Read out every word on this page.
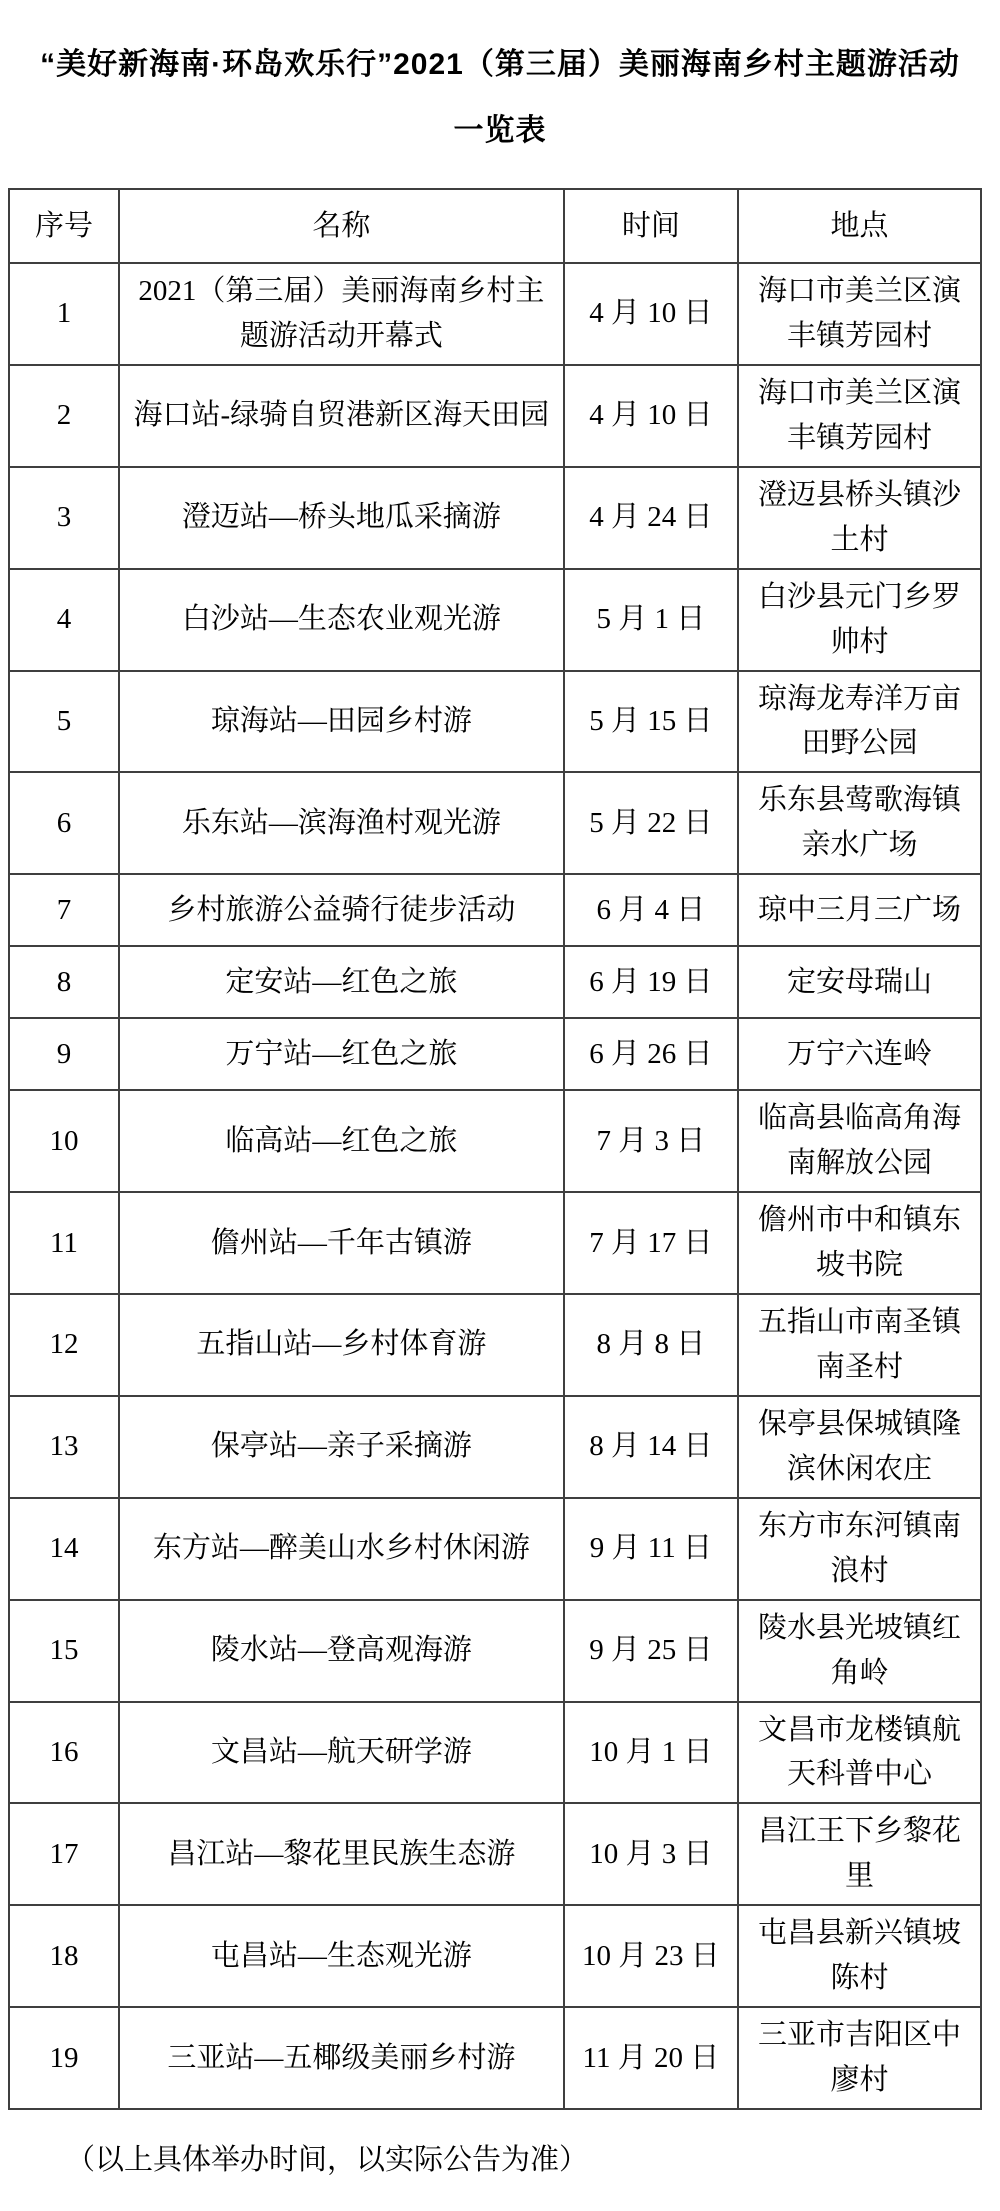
“美好新海南·环岛欢乐行”2021（第三届）美丽海南乡村主题游活动一览表
序号	名称	时间	地点
1	2021（第三届）美丽海南乡村主题游活动开幕式	4 月 10 日	海口市美兰区演丰镇芳园村
2	海口站-绿骑自贸港新区海天田园	4 月 10 日	海口市美兰区演丰镇芳园村
3	澄迈站—桥头地瓜采摘游	4 月 24 日	澄迈县桥头镇沙土村
4	白沙站—生态农业观光游	5 月 1 日	白沙县元门乡罗帅村
5	琼海站—田园乡村游	5 月 15 日	琼海龙寿洋万亩田野公园
6	乐东站—滨海渔村观光游	5 月 22 日	乐东县莺歌海镇亲水广场
7	乡村旅游公益骑行徒步活动	6 月 4 日	琼中三月三广场
8	定安站—红色之旅	6 月 19 日	定安母瑞山
9	万宁站—红色之旅	6 月 26 日	万宁六连岭
10	临高站—红色之旅	7 月 3 日	临高县临高角海南解放公园
11	儋州站—千年古镇游	7 月 17 日	儋州市中和镇东坡书院
12	五指山站—乡村体育游	8 月 8 日	五指山市南圣镇南圣村
13	保亭站—亲子采摘游	8 月 14 日	保亭县保城镇隆滨休闲农庄
14	东方站—醉美山水乡村休闲游	9 月 11 日	东方市东河镇南浪村
15	陵水站—登高观海游	9 月 25 日	陵水县光坡镇红角岭
16	文昌站—航天研学游	10 月 1 日	文昌市龙楼镇航天科普中心
17	昌江站—黎花里民族生态游	10 月 3 日	昌江王下乡黎花里
18	屯昌站—生态观光游	10 月 23 日	屯昌县新兴镇坡陈村
19	三亚站—五椰级美丽乡村游	11 月 20 日	三亚市吉阳区中廖村

（以上具体举办时间，以实际公告为准）
